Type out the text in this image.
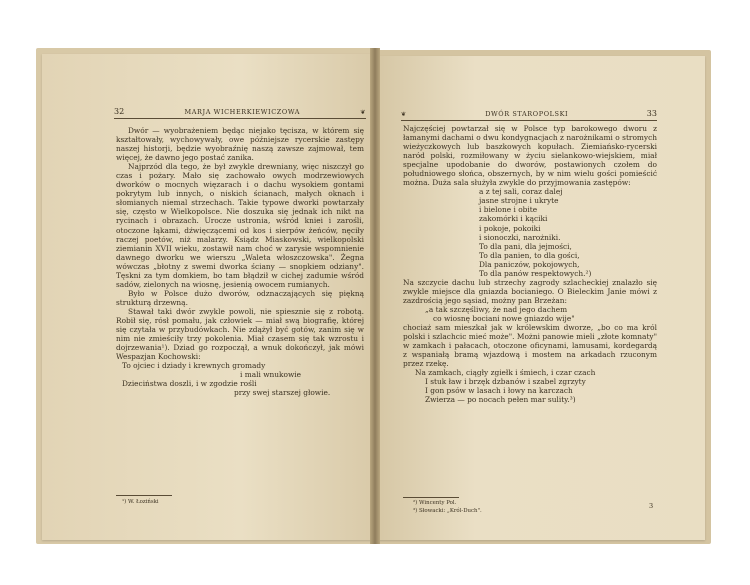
32	MARJA WICHERKIEWICZOWA	❦

Dwór — wyobrażeniem będąc niejako tęcisza, w którem się kształtowały, wychowywały, owe późniejsze rycerskie zastępy naszej historji, będzie wyobraźnię naszą zawsze zajmował, tem więcej, że dawno jego postać zanika.

Najprzód dla tego, że był zwykle drewniany, więc niszczył go czas i pożary. Mało się zachowało owych modrzewiowych dworków o mocnych więzarach i o dachu wysokiem gontami pokrytym lub innych, o niskich ścianach, małych oknach i słomianych niemal strzechach. Takie typowe dworki powtarzały się, często w Wielkopolsce. Nie doszuka się jednak ich nikt na rycinach i obrazach. Urocze ustronia, wśród kniei i zarośli, otoczone łąkami, dźwięczącemi od kos i sierpów żeńców, nęciły raczej poetów, niż malarzy. Ksiądz Miaskowski, wielkopolski ziemianin XVII wieku, zostawił nam choć w zarysie wspomnienie dawnego dworku we wierszu „Waleta włoszczowska". Żegna wówczas „błotny z swemi dworka ściany — snopkiem odziany". Tęskni za tym domkiem, bo tam błądził w cichej zadumie wśród sadów, zielonych na wiosnę, jesienią owocem rumianych.

Było w Polsce dużo dworów, odznaczających się piękną strukturą drzewną.

Stawał taki dwór zwykle powoli, nie spiesznie się z robotą. Robił się, rósł pomału, jak człowiek — miał swą biografię, której się czytała w przybudówkach. Nie zdążył być gotów, zanim się w nim nie zmieściły trzy pokolenia. Miał czasem się tak wzrostu i dojrzewania¹). Dziad go rozpoczął, a wnuk dokończył, jak mówi Wespazjan Kochowski:

To ojciec i dziady i krewnych gromady
i mali wnukowie
Dzieciństwa doszli, i w zgodzie rośli
przy swej starszej głowie.
¹) W. Łoziński
❦	DWÓR STAROPOLSKI	33

Najczęściej powtarzał się w Polsce typ barokowego dworu z łamanymi dachami o dwu kondygnacjach z narożnikami o stromych wieżyczkowych lub baszkowych kopułach. Ziemiańsko-rycerski naród polski, rozmiłowany w życiu sielankowo-wiejskiem, miał specjalne upodobanie do dworów, postawionych czołem do południowego słońca, obszernych, by w nim wielu gości pomieścić można. Duża sala służyła zwykle do przyjmowania zastępów:

a z tej sali, coraz dalej
jasne strojne i ukryte
i bielone i obite
zakomórki i kąciki
i pokoje, pokoiki
i sionoczki, narożniki.
To dla pani, dla jejmości,
To dla panien, to dla gości,
Dla paniczów, pokojowych,
To dla panów respektowych.²)

Na szczycie dachu lub strzechy zagrody szlacheckiej znalazło się zwykle miejsce dla gniazda bocianiego. O Bieleckim Janie mówi z zazdrością jego sąsiad, możny pan Brzeżan:

„a tak szczęśliwy, że nad jego dachem
co wiosnę bociani nowe gniazdo wije"

chociaż sam mieszkał jak w królewskim dworze, „bo co ma król polski i szlachcic mieć może". Możni panowie mieli „złote komnaty" w zamkach i pałacach, otoczone oficynami, lamusami, kordegardą z wspaniałą bramą wjazdową i mostem na arkadach rzuconym przez rzekę.

Na zamkach, ciągły zgiełk i śmiech, i czar czach

I stuk ław i brzęk dzbanów i szabel zgrzyty
I gon psów w lasach i łowy na karczach
Zwierza — po nocach pełen mar sulity.³)
²) Wincenty Pol.
³) Słowacki: „Król-Duch".
3
